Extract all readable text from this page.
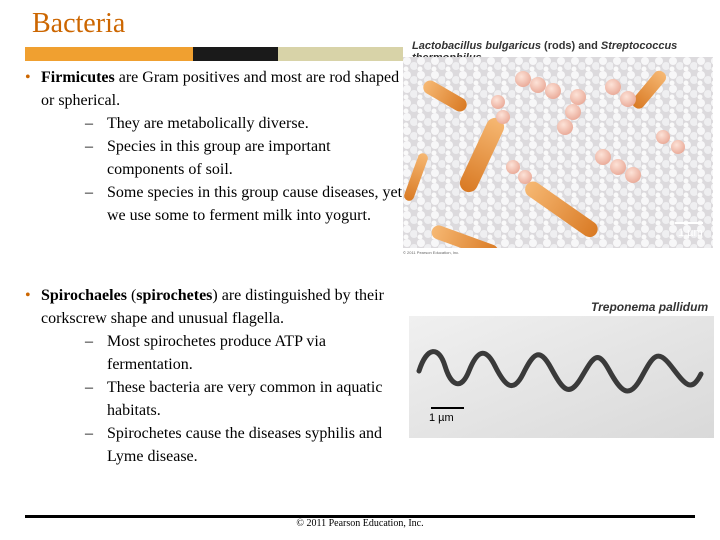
Bacteria

• Firmicutes are Gram positives and most are rod shaped or spherical.

– They are metabolically diverse.

– Species in this group are important components of soil.

– Some species in this group cause diseases, yet we use some to ferment milk into yogurt.

• Spirochaeles (spirochetes) are distinguished by their corkscrew shape and unusual flagella.

– Most spirochetes produce ATP via fermentation.

– These bacteria are very common in aquatic habitats.

– Spirochetes cause the diseases syphilis and Lyme disease.

Lactobacillus bulgaricus (rods) and Streptococcus
1 µm
© 2011 Pearson Education, Inc.
Treponema pallidum
1 µm
© 2011 Pearson Education, Inc.
